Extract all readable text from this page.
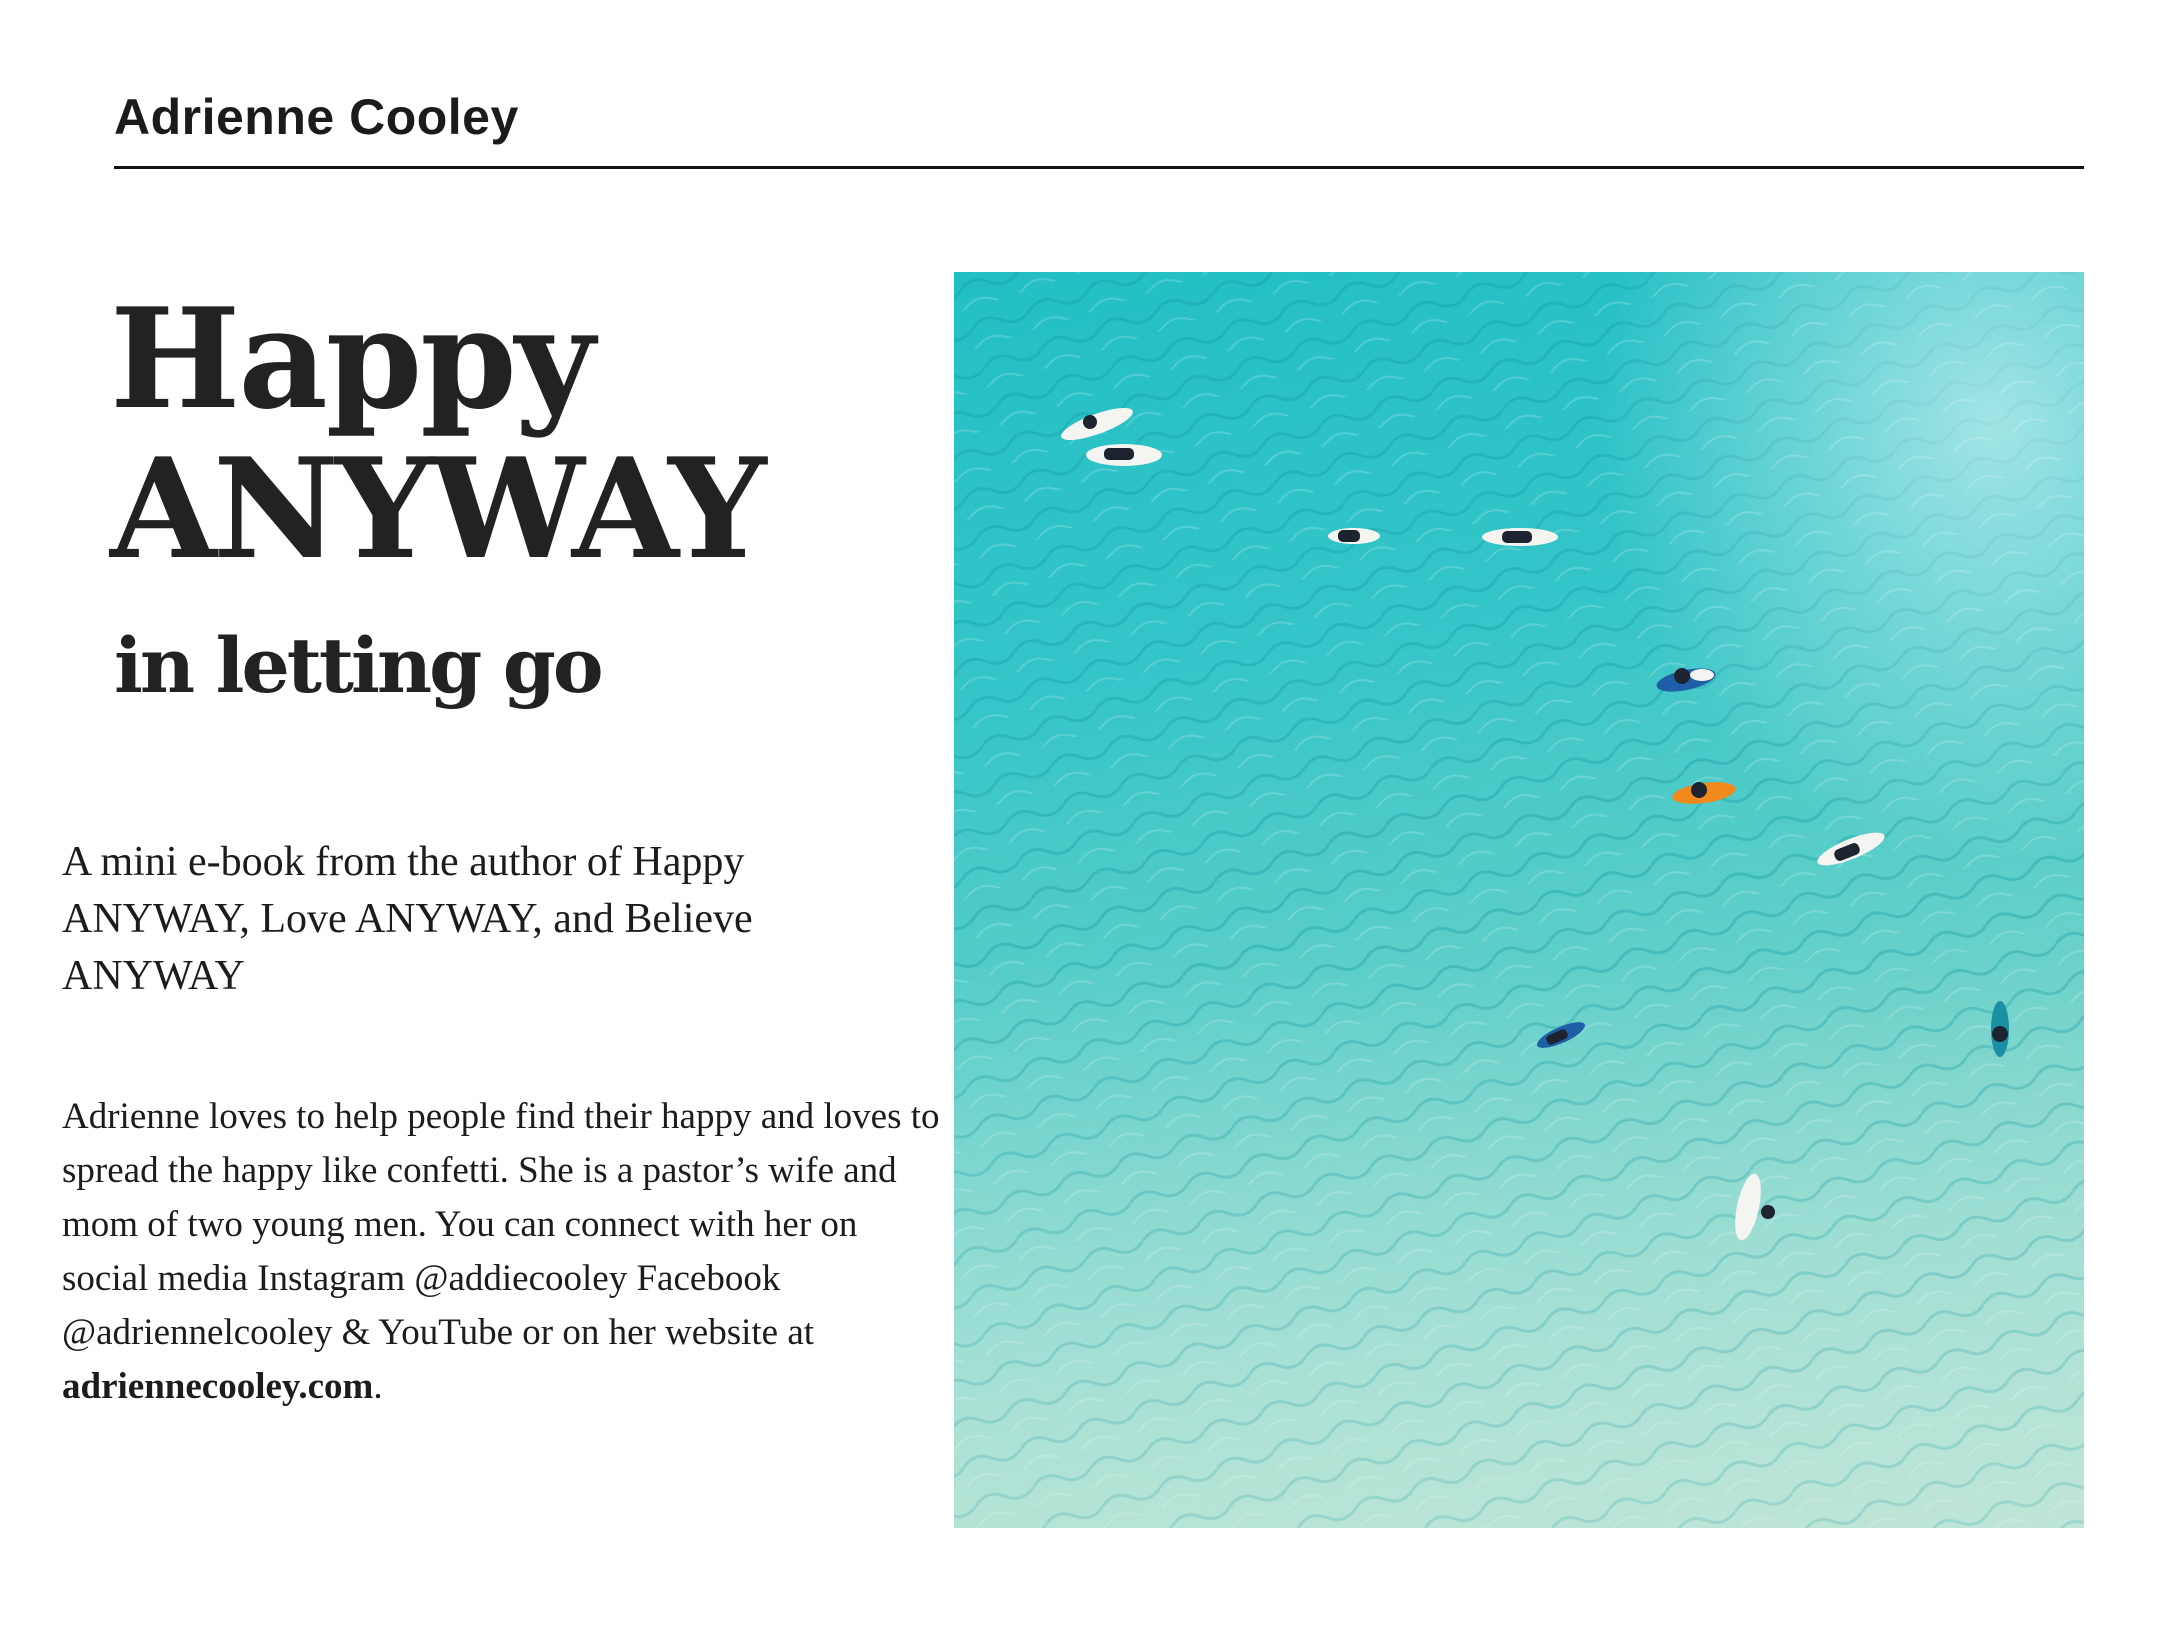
Adrienne Cooley
Happy
ANYWAY

in letting go

A mini e-book from the author of Happy ANYWAY, Love ANYWAY, and Believe ANYWAY

Adrienne loves to help people find their happy and loves to spread the happy like confetti. She is a pastor’s wife and mom of two young men. You can connect with her on social media Instagram @addiecooley Facebook @adriennelcooley & YouTube or on her website at adriennecooley.com.
